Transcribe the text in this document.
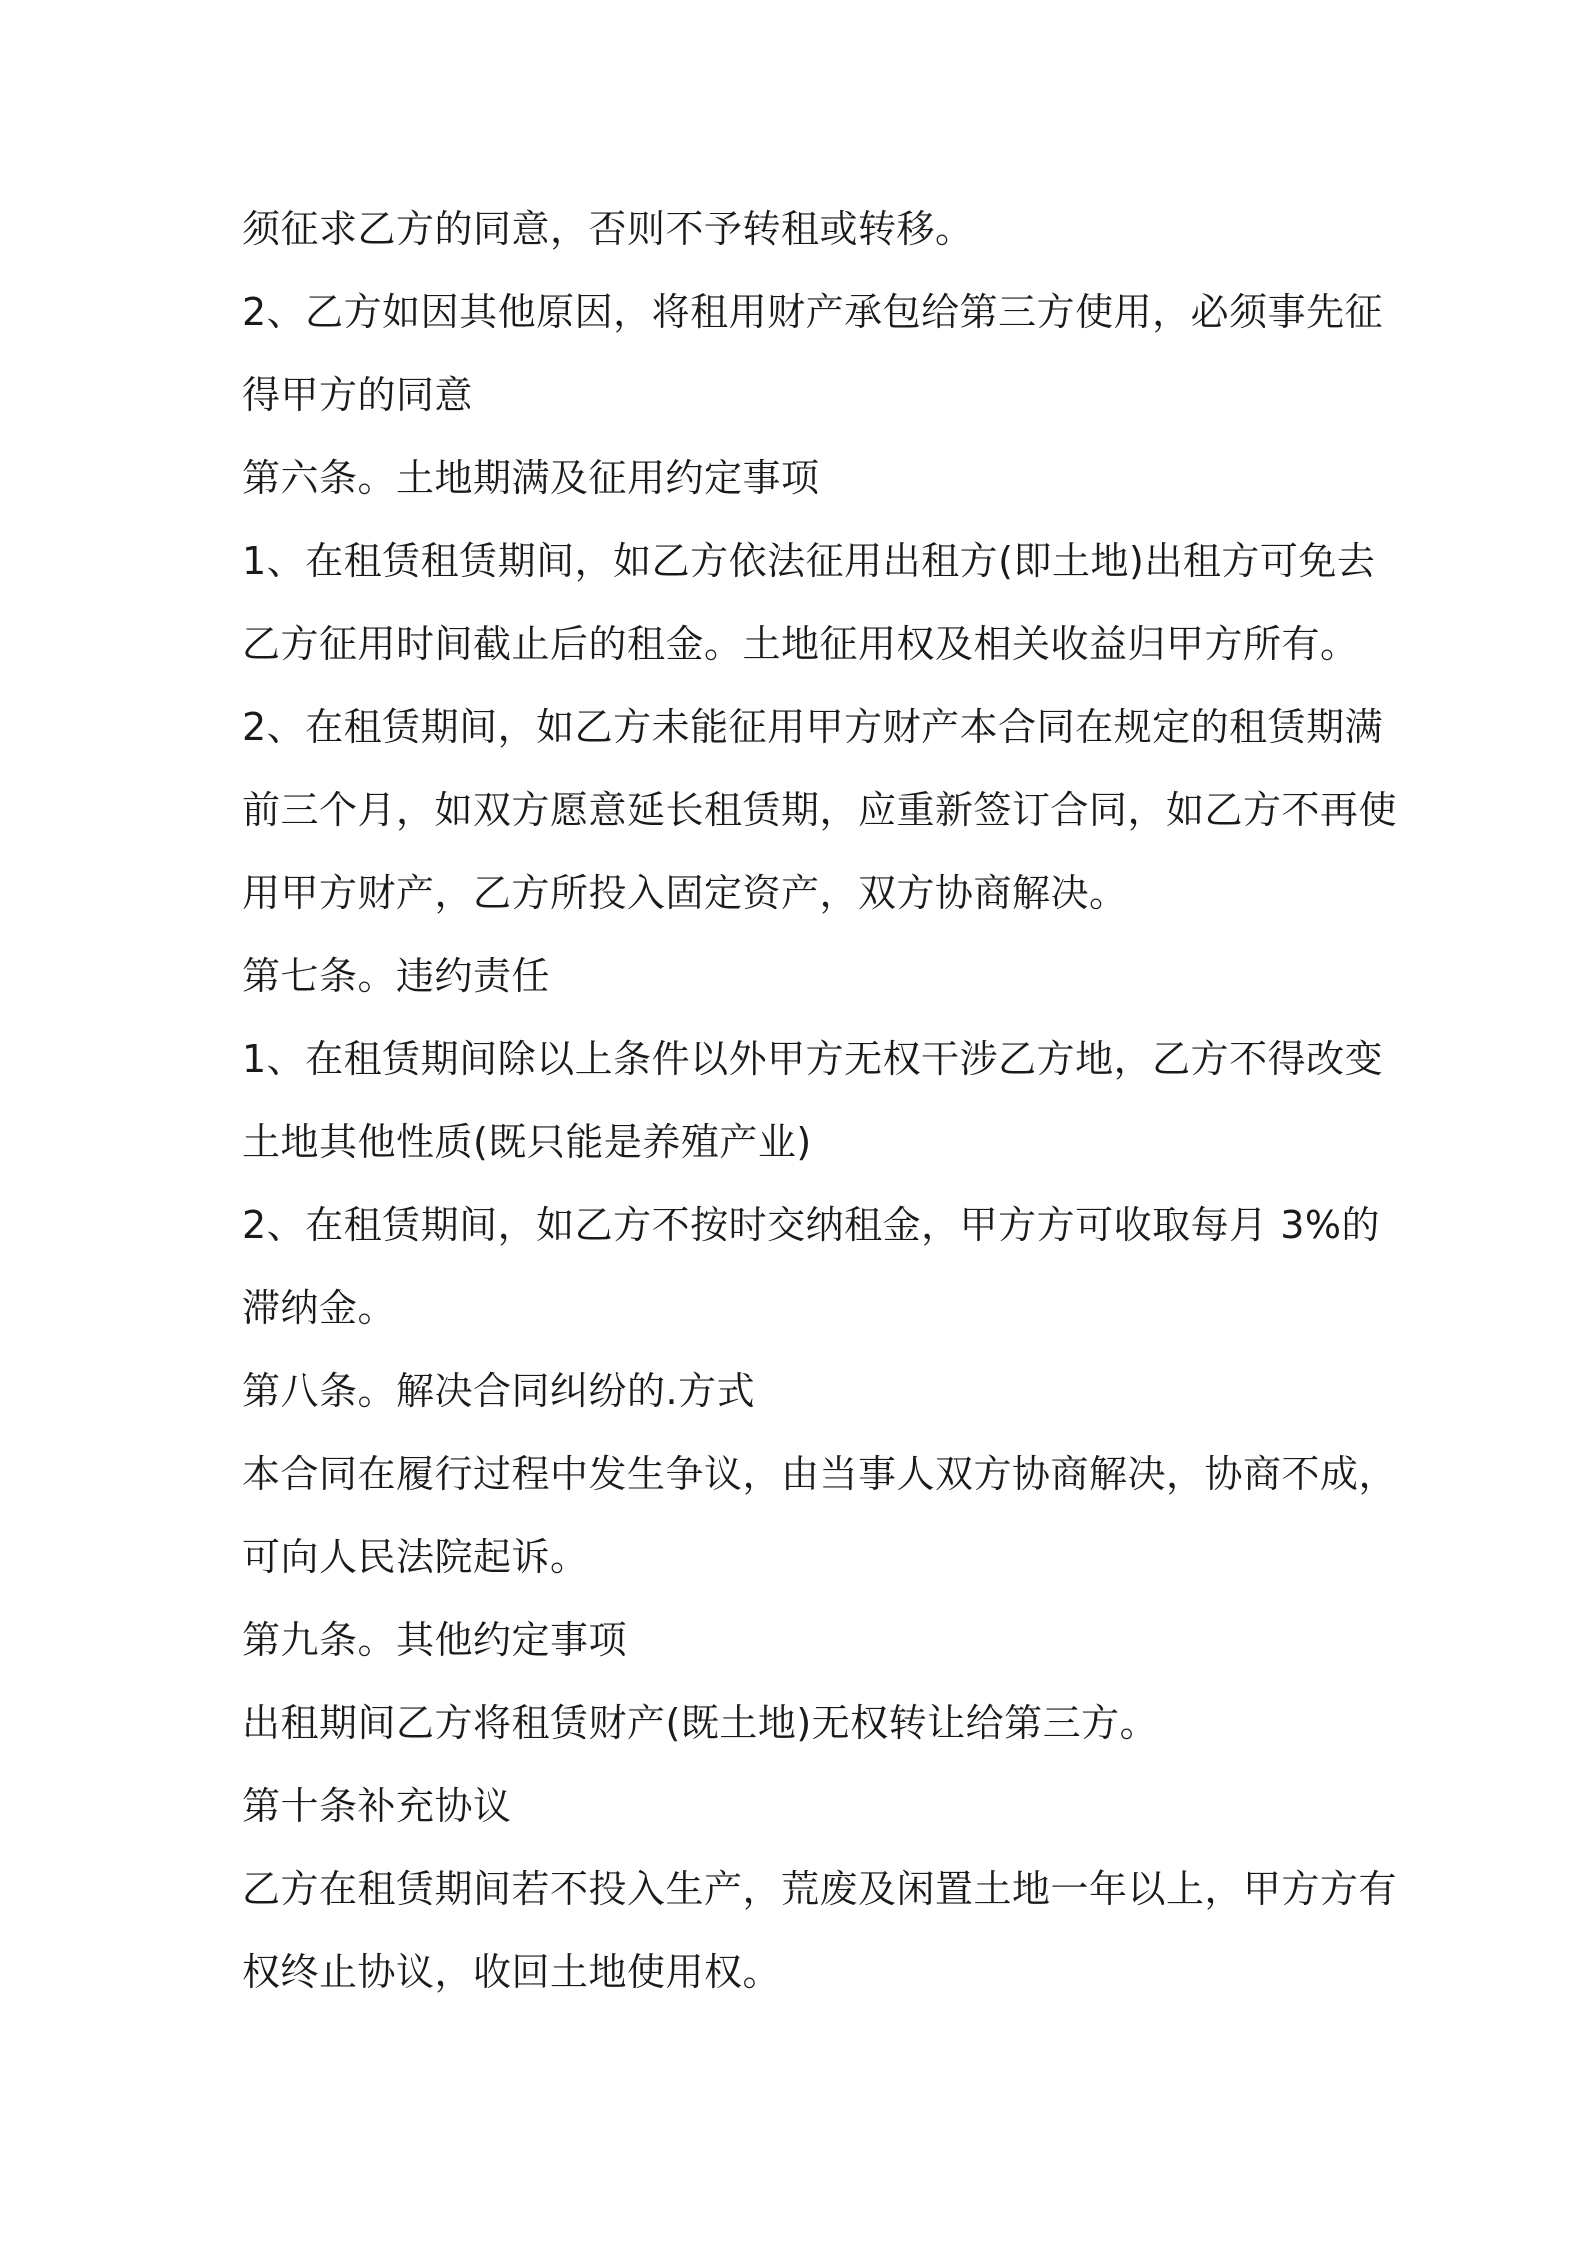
须征求乙方的同意，否则不予转租或转移。
2、乙方如因其他原因，将租用财产承包给第三方使用，必须事先征
得甲方的同意
第六条。土地期满及征用约定事项
1、在租赁租赁期间，如乙方依法征用出租方(即土地)出租方可免去
乙方征用时间截止后的租金。土地征用权及相关收益归甲方所有。
2、在租赁期间，如乙方未能征用甲方财产本合同在规定的租赁期满
前三个月，如双方愿意延长租赁期，应重新签订合同，如乙方不再使
用甲方财产，乙方所投入固定资产，双方协商解决。
第七条。违约责任
1、在租赁期间除以上条件以外甲方无权干涉乙方地，乙方不得改变
土地其他性质(既只能是养殖产业)
2、在租赁期间，如乙方不按时交纳租金，甲方方可收取每月 3%的
滞纳金。
第八条。解决合同纠纷的.方式
本合同在履行过程中发生争议，由当事人双方协商解决，协商不成，
可向人民法院起诉。
第九条。其他约定事项
出租期间乙方将租赁财产(既土地)无权转让给第三方。
第十条补充协议
乙方在租赁期间若不投入生产，荒废及闲置土地一年以上，甲方方有
权终止协议，收回土地使用权。
